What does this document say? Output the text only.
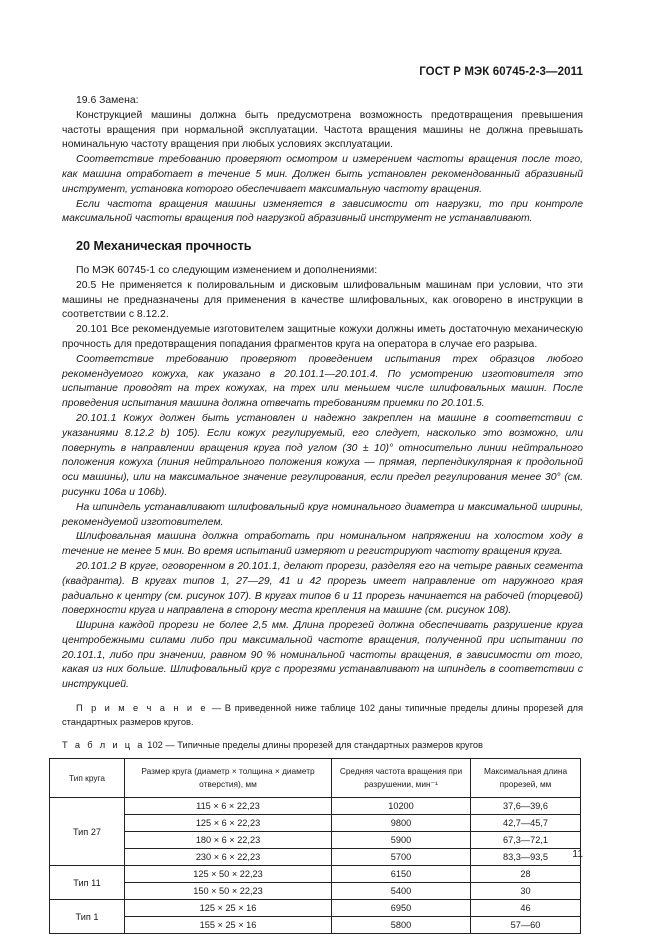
ГОСТ Р МЭК 60745-2-3—2011

19.6 Замена:

Конструкцией машины должна быть предусмотрена возможность предотвращения превышения частоты вращения при нормальной эксплуатации. Частота вращения машины не должна превышать номинальную частоту вращения при любых условиях эксплуатации.

Соответствие требованию проверяют осмотром и измерением частоты вращения после того, как машина отработает в течение 5 мин. Должен быть установлен рекомендованный абразивный инструмент, установка которого обеспечивает максимальную частоту вращения.

Если частота вращения машины изменяется в зависимости от нагрузки, то при контроле максимальной частоты вращения под нагрузкой абразивный инструмент не устанавливают.

20 Механическая прочность

По МЭК 60745-1 со следующим изменением и дополнениями:

20.5 Не применяется к полировальным и дисковым шлифовальным машинам при условии, что эти машины не предназначены для применения в качестве шлифовальных, как оговорено в инструкции в соответствии с 8.12.2.

20.101 Все рекомендуемые изготовителем защитные кожухи должны иметь достаточную механическую прочность для предотвращения попадания фрагментов круга на оператора в случае его разрыва.

Соответствие требованию проверяют проведением испытания трех образцов любого рекомендуемого кожуха, как указано в 20.101.1—20.101.4. По усмотрению изготовителя это испытание проводят на трех кожухах, на трех или меньшем числе шлифовальных машин. После проведения испытания машина должна отвечать требованиям приемки по 20.101.5.

20.101.1 Кожух должен быть установлен и надежно закреплен на машине в соответствии с указаниями 8.12.2 b) 105). Если кожух регулируемый, его следует, насколько это возможно, или повернуть в направлении вращения круга под углом (30 ± 10)° относительно линии нейтрального положения кожуха (линия нейтрального положения кожуха — прямая, перпендикулярная к продольной оси машины), или на максимальное значение регулирования, если предел регулирования менее 30° (см. рисунки 106а и 106b).

На шпиндель устанавливают шлифовальный круг номинального диаметра и максимальной ширины, рекомендуемой изготовителем.

Шлифовальная машина должна отработать при номинальном напряжении на холостом ходу в течение не менее 5 мин. Во время испытаний измеряют и регистрируют частоту вращения круга.

20.101.2 В круге, оговоренном в 20.101.1, делают прорези, разделяя его на четыре равных сегмента (квадранта). В кругах типов 1, 27—29, 41 и 42 прорезь имеет направление от наружного края радиально к центру (см. рисунок 107). В кругах типов 6 и 11 прорезь начинается на рабочей (торцевой) поверхности круга и направлена в сторону места крепления на машине (см. рисунок 108).

Ширина каждой прорези не более 2,5 мм. Длина прорезей должна обеспечивать разрушение круга центробежными силами либо при максимальной частоте вращения, полученной при испытании по 20.101.1, либо при значении, равном 90 % номинальной частоты вращения, в зависимости от того, какая из них больше. Шлифовальный круг с прорезями устанавливают на шпиндель в соответствии с инструкцией.

П р и м е ч а н и е — В приведенной ниже таблице 102 даны типичные пределы длины прорезей для стандартных размеров кругов.

Т а б л и ц а 102 — Типичные пределы длины прорезей для стандартных размеров кругов
Тип круга	Размер круга (диаметр × толщина × диаметр отверстия), мм	Средняя частота вращения при разрушении, мин⁻¹	Максимальная длина прорезей, мм
Тип 27	115 × 6 × 22,23	10200	37,6—39,6
	125 × 6 × 22,23	9800	42,7—45,7
	180 × 6 × 22,23	5900	67,3—72,1
	230 × 6 × 22,23	5700	83,3—93,5
Тип 11	125 × 50 × 22,23	6150	28
	150 × 50 × 22,23	5400	30
Тип 1	125 × 25 × 16	6950	46
	155 × 25 × 16	5800	57—60
11
